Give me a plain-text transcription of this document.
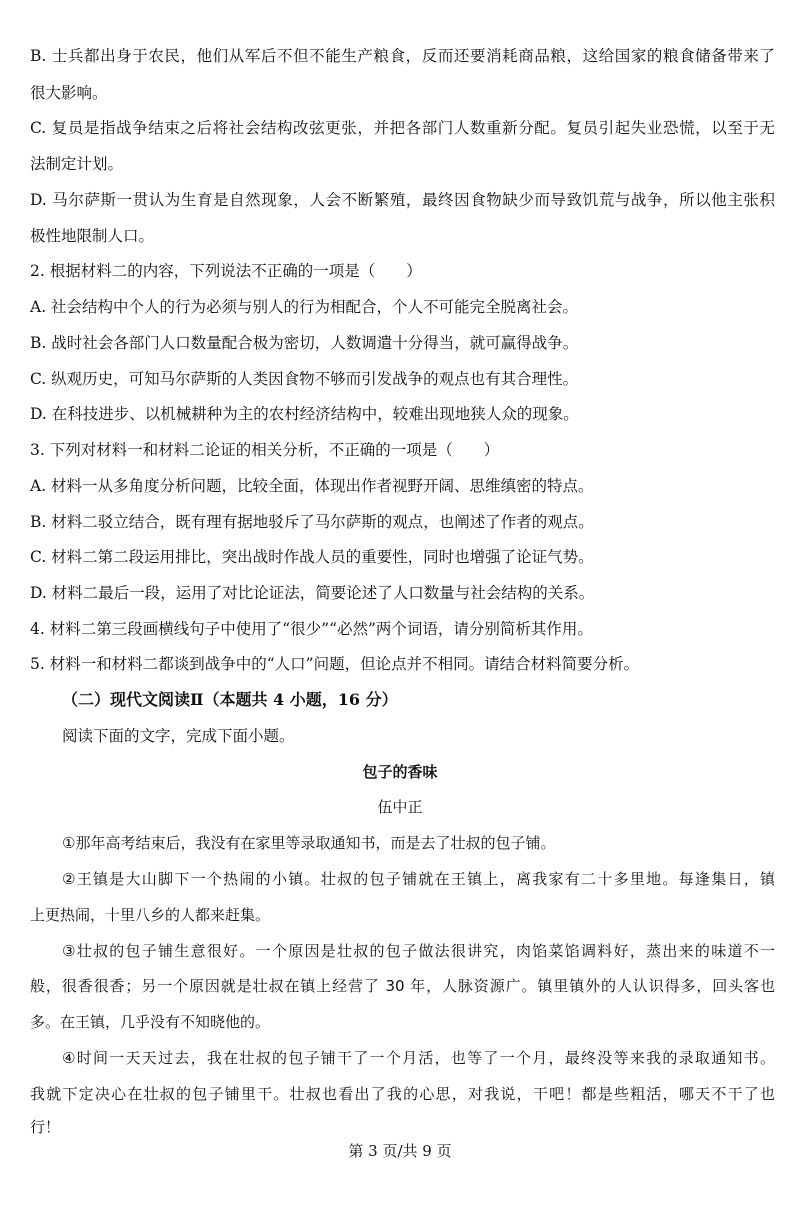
B. 士兵都出身于农民，他们从军后不但不能生产粮食，反而还要消耗商品粮，这给国家的粮食储备带来了
很大影响。
C. 复员是指战争结束之后将社会结构改弦更张，并把各部门人数重新分配。复员引起失业恐慌，以至于无
法制定计划。
D. 马尔萨斯一贯认为生育是自然现象，人会不断繁殖，最终因食物缺少而导致饥荒与战争，所以他主张积
极性地限制人口。
2. 根据材料二的内容，下列说法不正确的一项是（　　）
A. 社会结构中个人的行为必须与别人的行为相配合，个人不可能完全脱离社会。
B. 战时社会各部门人口数量配合极为密切，人数调遣十分得当，就可赢得战争。
C. 纵观历史，可知马尔萨斯的人类因食物不够而引发战争的观点也有其合理性。
D. 在科技进步、以机械耕种为主的农村经济结构中，较难出现地狭人众的现象。
3. 下列对材料一和材料二论证的相关分析，不正确的一项是（　　）
A. 材料一从多角度分析问题，比较全面，体现出作者视野开阔、思维缜密的特点。
B. 材料二驳立结合，既有理有据地驳斥了马尔萨斯的观点，也阐述了作者的观点。
C. 材料二第二段运用排比，突出战时作战人员的重要性，同时也增强了论证气势。
D. 材料二最后一段，运用了对比论证法，简要论述了人口数量与社会结构的关系。
4. 材料二第三段画横线句子中使用了“很少”“必然”两个词语，请分别简析其作用。
5. 材料一和材料二都谈到战争中的“人口”问题，但论点并不相同。请结合材料简要分析。
（二）现代文阅读Ⅱ（本题共 4 小题，16 分）
阅读下面的文字，完成下面小题。
包子的香味
伍中正
①那年高考结束后，我没有在家里等录取通知书，而是去了壮叔的包子铺。
②王镇是大山脚下一个热闹的小镇。壮叔的包子铺就在王镇上，离我家有二十多里地。每逢集日，镇
上更热闹，十里八乡的人都来赶集。
③壮叔的包子铺生意很好。一个原因是壮叔的包子做法很讲究，肉馅菜馅调料好，蒸出来的味道不一
般，很香很香；另一个原因就是壮叔在镇上经营了 30 年，人脉资源广。镇里镇外的人认识得多，回头客也
多。在王镇，几乎没有不知晓他的。
④时间一天天过去，我在壮叔的包子铺干了一个月活，也等了一个月，最终没等来我的录取通知书。
我就下定决心在壮叔的包子铺里干。壮叔也看出了我的心思，对我说，干吧！都是些粗活，哪天不干了也
行！
第 3 页/共 9 页
